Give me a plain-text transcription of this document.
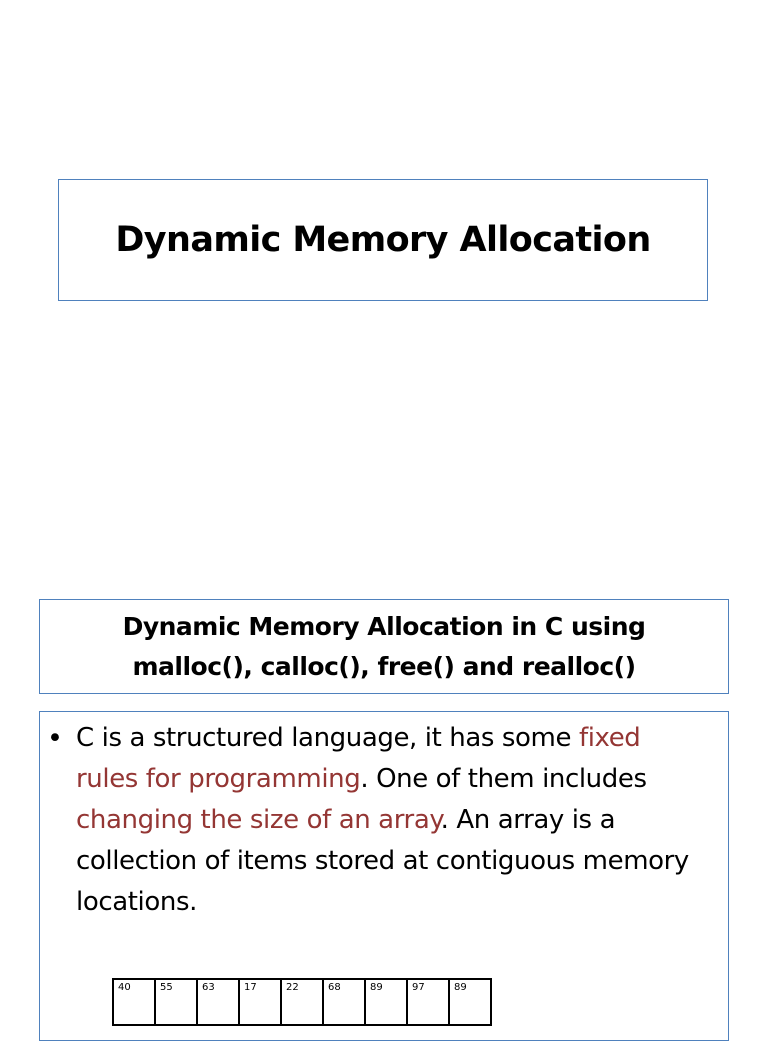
Dynamic Memory Allocation
Dynamic Memory Allocation in C using
malloc(), calloc(), free() and realloc()
• C is a structured language, it has some fixed rules for programming. One of them includes changing the size of an array. An array is a collection of items stored at contiguous memory locations.
40	55	63	17	22	68	89	97	89
